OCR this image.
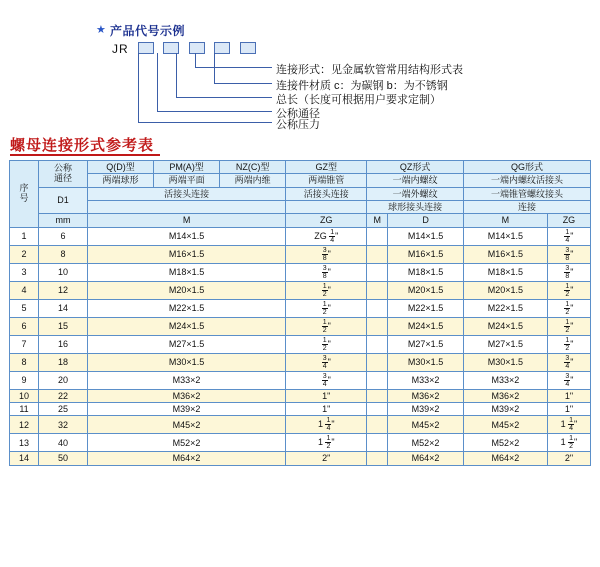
★ 产品代号示例
JR

连接件材质 c：为碳钢 b：为不锈钢
总长（长度可根据用户要求定制）
公称通径
公称压力
连接形式：见金属软管常用结构形式表
螺母连接形式参考表
序
号	公称
通径	Q(D)型	PM(A)型	NZ(C)型	GZ型	QZ形式		QG形式	
		两端球形	两端平面	两端内维	两端锥管	一端内螺纹		一端内螺纹活接头	
	D1	活接头连接			活接头连接	一端外螺纹		一端锥管螺纹接头	
						球形接头连接		连接	
	mm	M			ZG	M	D	M	ZG
1	6	M14×1.5			ZG $\frac{1}{4}$ "		M14×1.5	M14×1.5	$\frac{1}{4}$ "
2	8	M16×1.5			$\frac{3}{8}$ "		M16×1.5	M16×1.5	$\frac{3}{8}$ "
3	10	M18×1.5			$\frac{3}{8}$ "		M18×1.5	M18×1.5	$\frac{3}{8}$ "
4	12	M20×1.5			$\frac{1}{2}$ "		M20×1.5	M20×1.5	$\frac{1}{2}$ "
5	14	M22×1.5			$\frac{1}{2}$ "		M22×1.5	M22×1.5	$\frac{1}{2}$ "
6	15	M24×1.5			$\frac{1}{2}$ "		M24×1.5	M24×1.5	$\frac{1}{2}$ "
7	16	M27×1.5			$\frac{1}{2}$ "		M27×1.5	M27×1.5	$\frac{1}{2}$ "
8	18	M30×1.5			$\frac{3}{4}$ "		M30×1.5	M30×1.5	$\frac{3}{4}$ "
9	20	M33×2			$\frac{3}{4}$ "		M33×2	M33×2	$\frac{3}{4}$ "
10	22	M36×2			1"		M36×2	M36×2	1"
11	25	M39×2			1"		M39×2	M39×2	1"
12	32	M45×2			$1 \frac{1}{4}$ "		M45×2	M45×2	$1 \frac{1}{4}$ "
13	40	M52×2			$1 \frac{1}{2}$ "		M52×2	M52×2	$1 \frac{1}{2}$ "
14	50	M64×2			2"		M64×2	M64×2	2"
